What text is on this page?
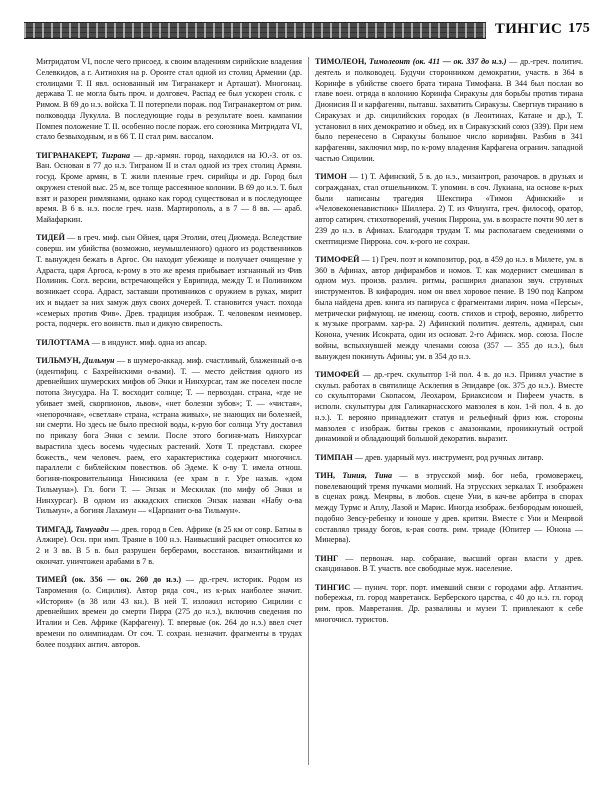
ТИНГИС 175

Митридатом VI, после чего присоед. к своим владениям сирийские владения Селевкидов, а г. Антиохия на р. Оронте стал одной из столиц Армении (др. столицами Т. II явл. основанный им Тигранакерт и Арташат). Многонац. держава Т. не могла быть проч. и долговеч. Распад ее был ускорен столк. с Римом. В 69 до н.э. войска Т. II потерпели пораж. под Тигранакертом от рим. полководца Лукулла. В последующие годы в результате воен. кампании Помпея положение Т. II. особенно после пораж. его союзника Митридата VI, стало безвыходным, и в 66 Т. II стал рим. вассалом.

ТИГРАНАКЕРТ, Тиграна — др.-армян. город, находился на Ю.-З. от оз. Ван. Основан в 77 до н.э. Тиграном II и стал одной из трех столиц Армян. госуд. Кроме армян, в Т. жили пленные греч. сирийцы и др. Город был окружен стеной выс. 25 м, все толще рассеянное колонии. В 69 до н.э. Т. был взят и разорен римлянами, однако как город существовал и в последующее время. В 6 в. н.э. после греч. назв. Мартирополь, а в 7 — 8 вв. — араб. Майафаркин.

ТИДЕЙ — в греч. миф. сын Ойнея, царя Этолии, отец Диомеда. Вследствие соверш. им убийства (возможно, неумышленного) одного из родственников Т. вынужден бежать в Аргос. Он находит убежище и получает очищение у Адраста, царя Аргоса, к-рому в это же время прибывает изгнанный из Фив Полиник. Согл. версии, встречающейся у Еврипида, между Т. и Полиником возникает ссора. Адраст, заставши противников с оружием в руках, мирит их и выдает за них замуж двух своих дочерей. Т. становится участ. похода «семерых против Фив». Древ. традиция изображ. Т. человеком неимовер. роста, подчерк. его воинств. пыл и дикую свирепость.

ТИЛОТТАМА — в индуист. миф. одна из апсар.

ТИЛЬМУН, Дильмун — в шумеро-аккад. миф. счастливый, блаженный о-в (идентифиц. с Бахрейнскими о-вами). Т. — место действия одного из древнейших шумерских мифов об Энки и Нинхурсаг, там же поселен после потопа Зиусудра. На Т. восходит солнце; Т. — первоздан. страна, «где не убивает змей, скорпионов, львов», «нет болезни зубов»; Т. — «чистая», «непорочная», «светлая» страна, «страна живых», не знающих ни болезней, ни смерти. Но здесь не было пресной воды, к-рую бог солнца Уту доставил по приказу бога Энки с земли. После этого богиня-мать Нинхурсаг вырастила здесь восемь чудесных растений. Хотя Т. представл. скорее божеств., чем человеч. раем, его характеристика содержит многочисл. параллели с библейским повествов. об Эдеме. К о-ву Т. имела отнош. богиня-покровительница Нинсикила (ее храм в г. Уре назыв. «дом Тильмуна»). Гл. боги Т. — Энзак и Мескилак (по мифу об Энки и Нинхурсаг). В одном из аккадских списков Энзак назван «Набу о-ва Тильмун», а богиня Лахамун — «Царпанит о-ва Тильмун».

ТИМГАД, Тамугади — древ. город в Сев. Африке (в 25 км от совр. Батны в Алжире). Осн. при имп. Траяне в 100 н.э. Наивысший расцвет относится ко 2 и 3 вв. В 5 в. был разрушен берберами, восстанов. византийцами и окончат. уничтожен арабами в 7 в.

ТИМЕЙ (ок. 356 — ок. 260 до н.э.) — др.-греч. историк. Родом из Тавромения (о. Сицилия). Автор ряда соч., из к-рых наиболее значит. «История» (в 38 или 43 кн.). В ней Т. изложил историю Сицилии с древнейших времен до смерти Пирра (275 до н.э.), включив сведения по Италии и Сев. Африке (Карфагену). Т. впервые (ок. 264 до н.э.) ввел счет времени по олимпиадам. От соч. Т. сохран. незначит. фрагменты в трудах более поздних антич. авторов.

ТИМОЛЕОН, Тимолеонт (ок. 411 — ок. 337 до н.э.) — др.-греч. политич. деятель и полководец. Будучи сторонником демократии, участв. в 364 в Коринфе в убийстве своего брата тирана Тимофана. В 344 был послан во главе воен. отряда в колонию Коринфа Сиракузы для борьбы против тирана Дионисия II и карфагенян, пытавш. захватить Сиракузы. Свергнув тиранию в Сиракузах и др. сицилийских городах (в Леонтинах, Катане и др.), Т. установил в них демократию и объед. их в Сиракузский союз (339). При нем было перенесено в Сиракузы большое число коринфян. Разбив в 341 карфагенян, заключил мир, по к-рому владения Карфагена огранич. западной частью Сицилии.

ТИМОН — 1) Т. Афинский, 5 в. до н.э., мизантроп, разочаров. в друзьях и согражданах, стал отшельником. Т. упомин. в соч. Лукиана, на основе к-рых были написаны трагедия Шекспира «Тимон Афинский» и «Человеконенавистник» Шиллера. 2) Т. из Флиунта, греч. философ, оратор, автор сатирич. стихотворений, ученик Пиррона, ум. в возрасте почти 90 лет в 239 до н.э. в Афинах. Благодаря трудам Т. мы располагаем сведениями о скептицизме Пиррона. соч. к-рого не сохран.

ТИМОФЕЙ — 1) Греч. поэт и композитор, род. в 459 до н.э. в Милете, ум. в 360 в Афинах, автор дифирамбов и номов. Т. как модернист смешивал в одном муз. произв. различ. ритмы, расширил диапазон звуч. струнных инструментов. В кифародич. ном он ввел хоровое пение. В 190 под Капром была найдена древ. книга из папируса с фрагментами лирич. нома «Персы», метрически рифмующ. не имеющ. соотв. стихов и строф, верояно, либретто к музыке программ. хар-ра. 2) Афинский политич. деятель, адмирал, сын Конона, ученик Исократа, один из основат. 2-го Афинск. мор. союза. После войны, вспыхнувшей между членами союза (357 — 355 до н.э.), был вынужден покинуть Афины; ум. в 354 до н.э.

ТИМОФЕЙ — др.-греч. скульптор 1-й пол. 4 в. до н.э. Принял участие в скульп. работах в святилище Асклепия в Эпидавре (ок. 375 до н.э.). Вместе со скульпторами Скопасом, Леохаром, Бриаксисом и Пифеем участв. в исполн. скульптуры для Галикарнасского мавзолея в кон. 1-й пол. 4 в. до н.э.). Т. верояно принадлежит статуя и рельефный фриз юж. стороны мавзолея с изображ. битвы греков с амазонками, проникнутый острой динамикой и обладающий большой декоратив. выразит.

ТИМПАН — древ. ударный муз. инструмент, род ручных литавр.

ТИН, Тиния, Тина — в этрусской миф. бог неба, громовержец, повелевающий тремя пучками молний. На этрусских зеркалах Т. изображен в сценах рожд. Менрвы, в любов. сцене Уни, в кач-ве арбитра в спорах между Турмс и Аплу, Лазой и Марис. Иногда изображ. безбородым юношей, подобно Зевсу-ребенку и юноше у древ. критян. Вместе с Уни и Менрвой составлял триаду богов, к-рая соотв. рим. триаде (Юпитер — Юнона — Минерва).

ТИНГ — первонач. нар. собрание, высший орган власти у древ. скандинавов. В Т. участв. все свободные муж. население.

ТИНГИС — пунич. торг. порт. имевший связи с городами афр. Атлантич. побережья, гл. город мавретанск. Берберского царства, с 40 до н.э. гл. город рим. пров. Мавретания. Др. развалины и музеи Т. привлекают к себе многочисл. туристов.
